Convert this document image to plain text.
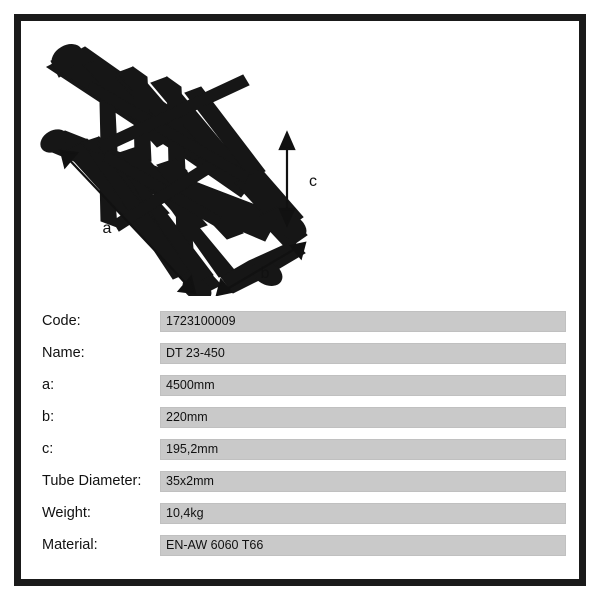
a
b
c
Code:	1723100009
Name:	DT 23-450
a:	4500mm
b:	220mm
c:	195,2mm
Tube Diameter:	35x2mm
Weight:	10,4kg
Material:	EN-AW 6060 T66
